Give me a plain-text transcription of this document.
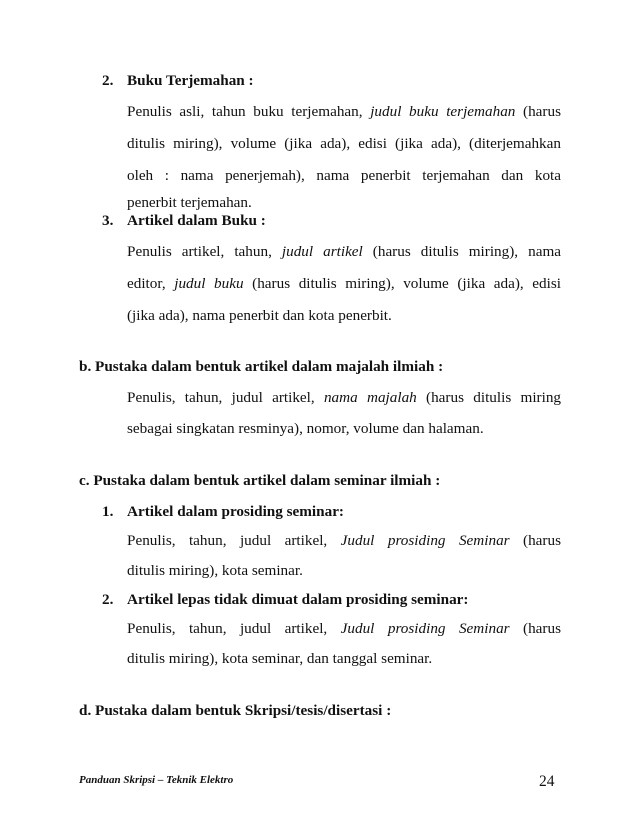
2. Buku Terjemahan :
Penulis asli, tahun buku terjemahan, judul buku terjemahan (harus
ditulis miring), volume (jika ada), edisi (jika ada), (diterjemahkan
oleh : nama penerjemah), nama penerbit terjemahan dan kota
penerbit terjemahan.
3. Artikel dalam Buku :
Penulis artikel, tahun, judul artikel (harus ditulis miring), nama
editor, judul buku (harus ditulis miring), volume (jika ada), edisi
(jika ada), nama penerbit dan kota penerbit.
b. Pustaka dalam bentuk artikel dalam majalah ilmiah :
Penulis, tahun, judul artikel, nama majalah (harus ditulis miring
sebagai singkatan resminya), nomor, volume dan halaman.
c. Pustaka dalam bentuk artikel dalam seminar ilmiah :
1. Artikel dalam prosiding seminar:
Penulis, tahun, judul artikel, Judul prosiding Seminar (harus
ditulis miring), kota seminar.
2. Artikel lepas tidak dimuat dalam prosiding seminar:
Penulis, tahun, judul artikel, Judul prosiding Seminar (harus
ditulis miring), kota seminar, dan tanggal seminar.
d. Pustaka dalam bentuk Skripsi/tesis/disertasi :
Panduan Skripsi – Teknik Elektro	24
